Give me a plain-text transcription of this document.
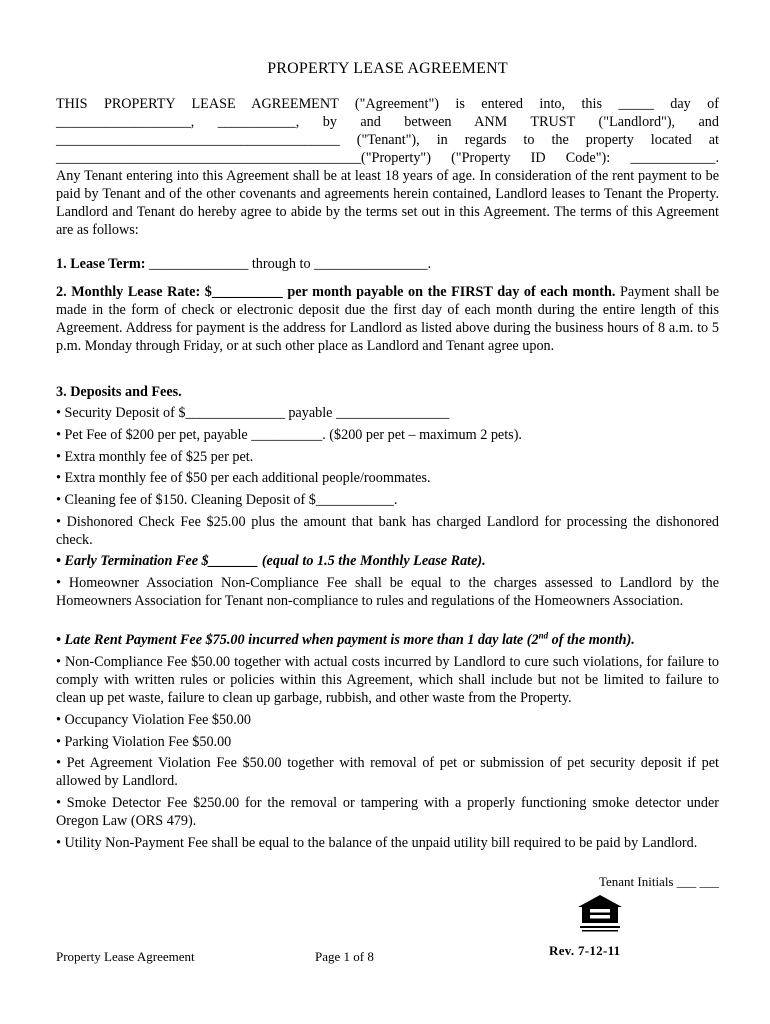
PROPERTY LEASE AGREEMENT
THIS PROPERTY LEASE AGREEMENT ("Agreement") is entered into, this _____ day of
___________________, ___________, by and between ANM TRUST ("Landlord"), and
________________________________________ ("Tenant"), in regards to the property located at
___________________________________________("Property") ("Property ID Code"): ____________.
Any Tenant entering into this Agreement shall be at least 18 years of age. In consideration of the rent payment to be paid by Tenant and of the other covenants and agreements herein contained, Landlord leases to Tenant the Property. Landlord and Tenant do hereby agree to abide by the terms set out in this Agreement. The terms of this Agreement are as follows:
1. Lease Term: ______________ through to ________________.
2. Monthly Lease Rate: $__________ per month payable on the FIRST day of each month. Payment shall be made in the form of check or electronic deposit due the first day of each month during the entire length of this Agreement. Address for payment is the address for Landlord as listed above during the business hours of 8 a.m. to 5 p.m. Monday through Friday, or at such other place as Landlord and Tenant agree upon.
3. Deposits and Fees.
• Security Deposit of $______________ payable ________________
• Pet Fee of $200 per pet, payable __________. ($200 per pet – maximum 2 pets).
• Extra monthly fee of $25 per pet.
• Extra monthly fee of $50 per each additional people/roommates.
• Cleaning fee of $150. Cleaning Deposit of $___________.
• Dishonored Check Fee $25.00 plus the amount that bank has charged Landlord for processing the dishonored check.
• Early Termination Fee $_______ (equal to 1.5 the Monthly Lease Rate).
• Homeowner Association Non-Compliance Fee shall be equal to the charges assessed to Landlord by the Homeowners Association for Tenant non-compliance to rules and regulations of the Homeowners Association.
• Late Rent Payment Fee $75.00 incurred when payment is more than 1 day late (2nd of the month).
• Non-Compliance Fee $50.00 together with actual costs incurred by Landlord to cure such violations, for failure to comply with written rules or policies within this Agreement, which shall include but not be limited to failure to clean up pet waste, failure to clean up garbage, rubbish, and other waste from the Property.
• Occupancy Violation Fee $50.00
• Parking Violation Fee $50.00
• Pet Agreement Violation Fee $50.00 together with removal of pet or submission of pet security deposit if pet allowed by Landlord.
• Smoke Detector Fee $250.00 for the removal or tampering with a properly functioning smoke detector under Oregon Law (ORS 479).
• Utility Non-Payment Fee shall be equal to the balance of the unpaid utility bill required to be paid by Landlord.
Tenant Initials ___ ___
Property Lease Agreement	Page 1 of 8	Rev. 7-12-11
